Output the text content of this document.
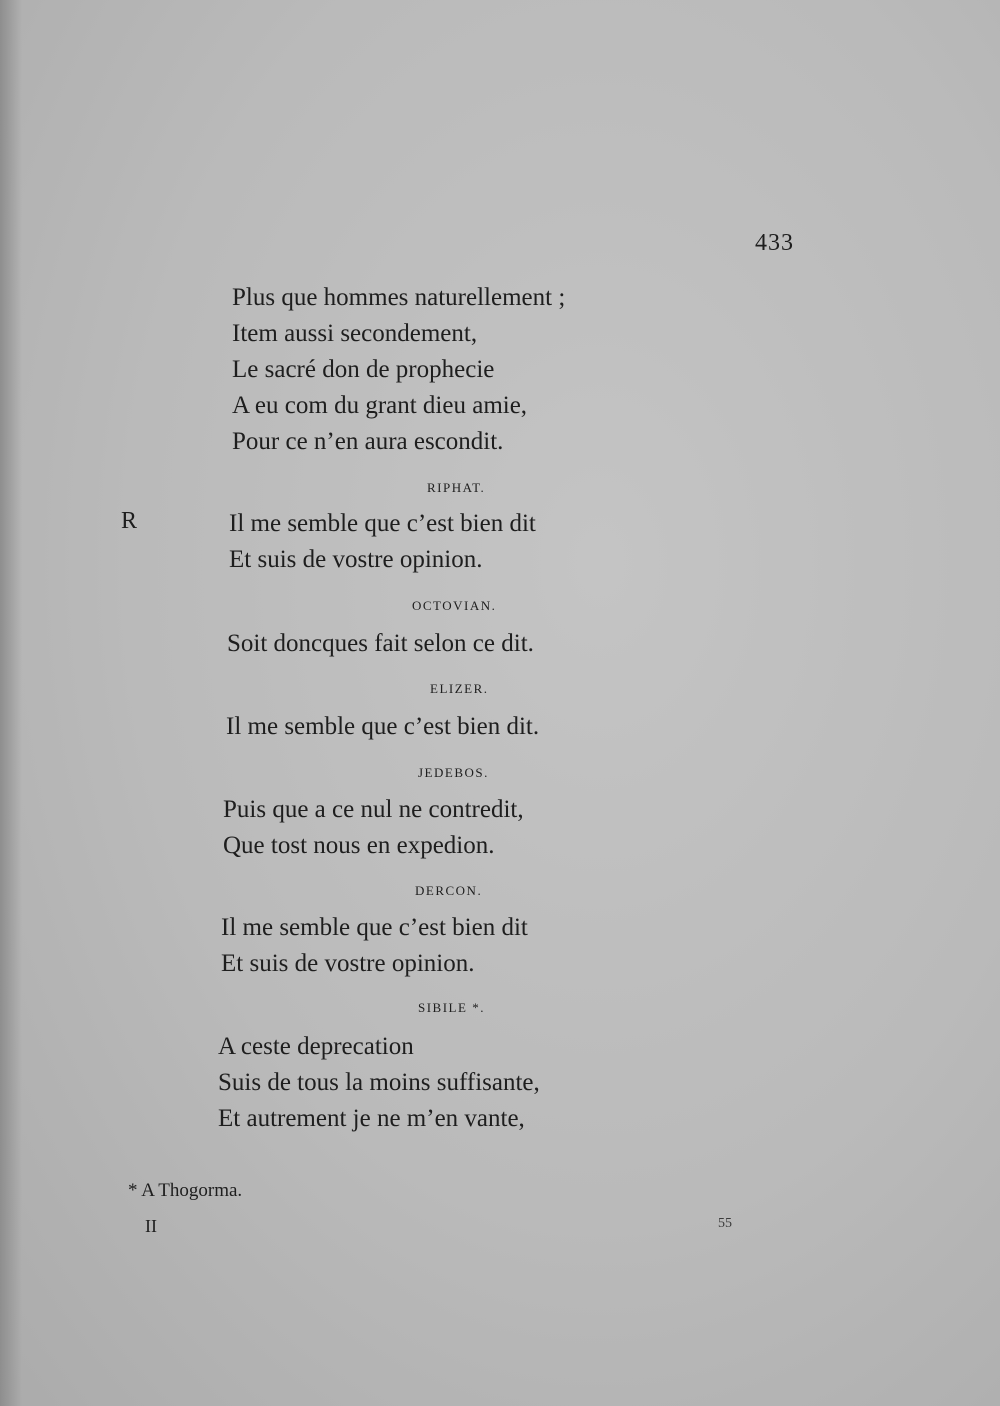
433
R
Plus que hommes naturellement ;
Item aussi secondement,
Le sacré don de prophecie
A eu com du grant dieu amie,
Pour ce n’en aura escondit.
RIPHAT.
Il me semble que c’est bien dit
Et suis de vostre opinion.
OCTOVIAN.
Soit doncques fait selon ce dit.
ELIZER.
Il me semble que c’est bien dit.
JEDEBOS.
Puis que a ce nul ne contredit,
Que tost nous en expedion.
DERCON.
Il me semble que c’est bien dit
Et suis de vostre opinion.
SIBILE *.
A ceste deprecation
Suis de tous la moins suffisante,
Et autrement je ne m’en vante,
* A Thogorma.
II	55
